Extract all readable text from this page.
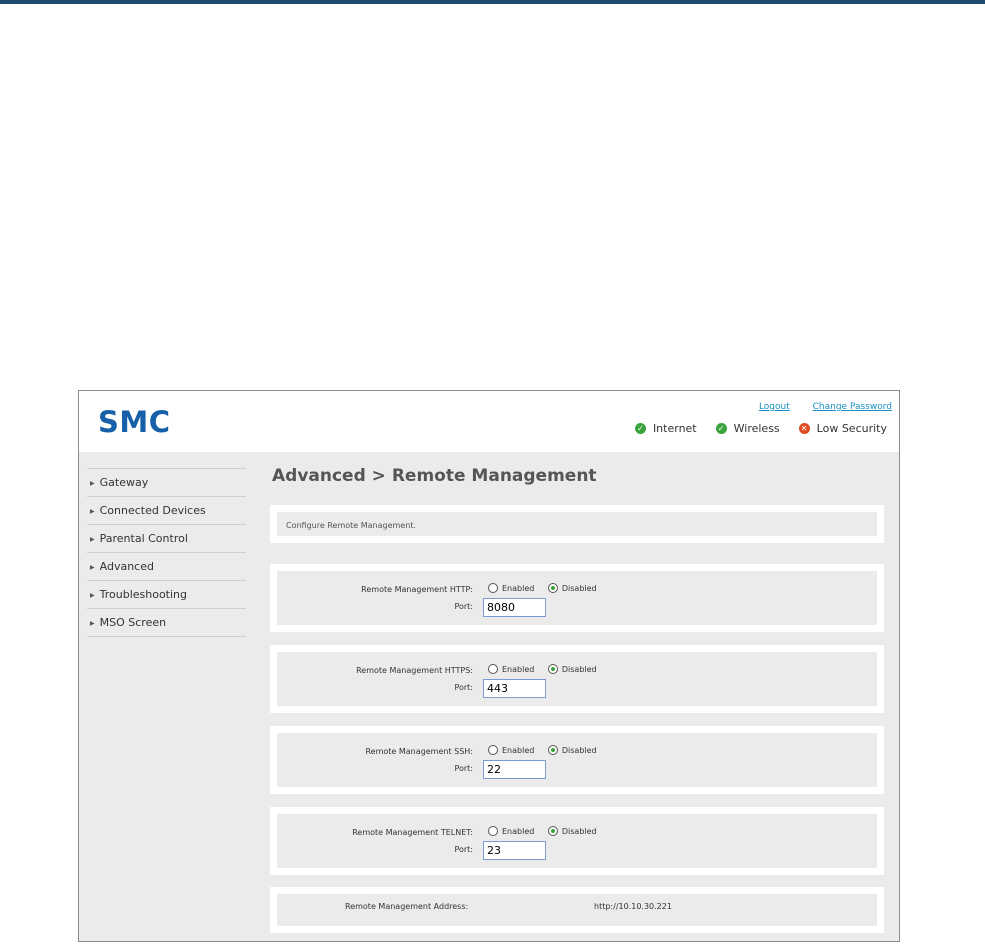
SMC	Logout	Change Password
✓ Internet	✓ Wireless	✕ Low Security
▶ Gateway
▶ Connected Devices
▶ Parental Control
▶ Advanced
▶ Troubleshooting
▶ MSO Screen
Advanced > Remote Management
Configure Remote Management.
Remote Management HTTP:	Enabled	Disabled
Port:
8080
Remote Management HTTPS:	Enabled	Disabled
Port:
443
Remote Management SSH:	Enabled	Disabled
Port:
22
Remote Management TELNET:	Enabled	Disabled
Port:
23
Remote Management Address:	http://10.10.30.221
